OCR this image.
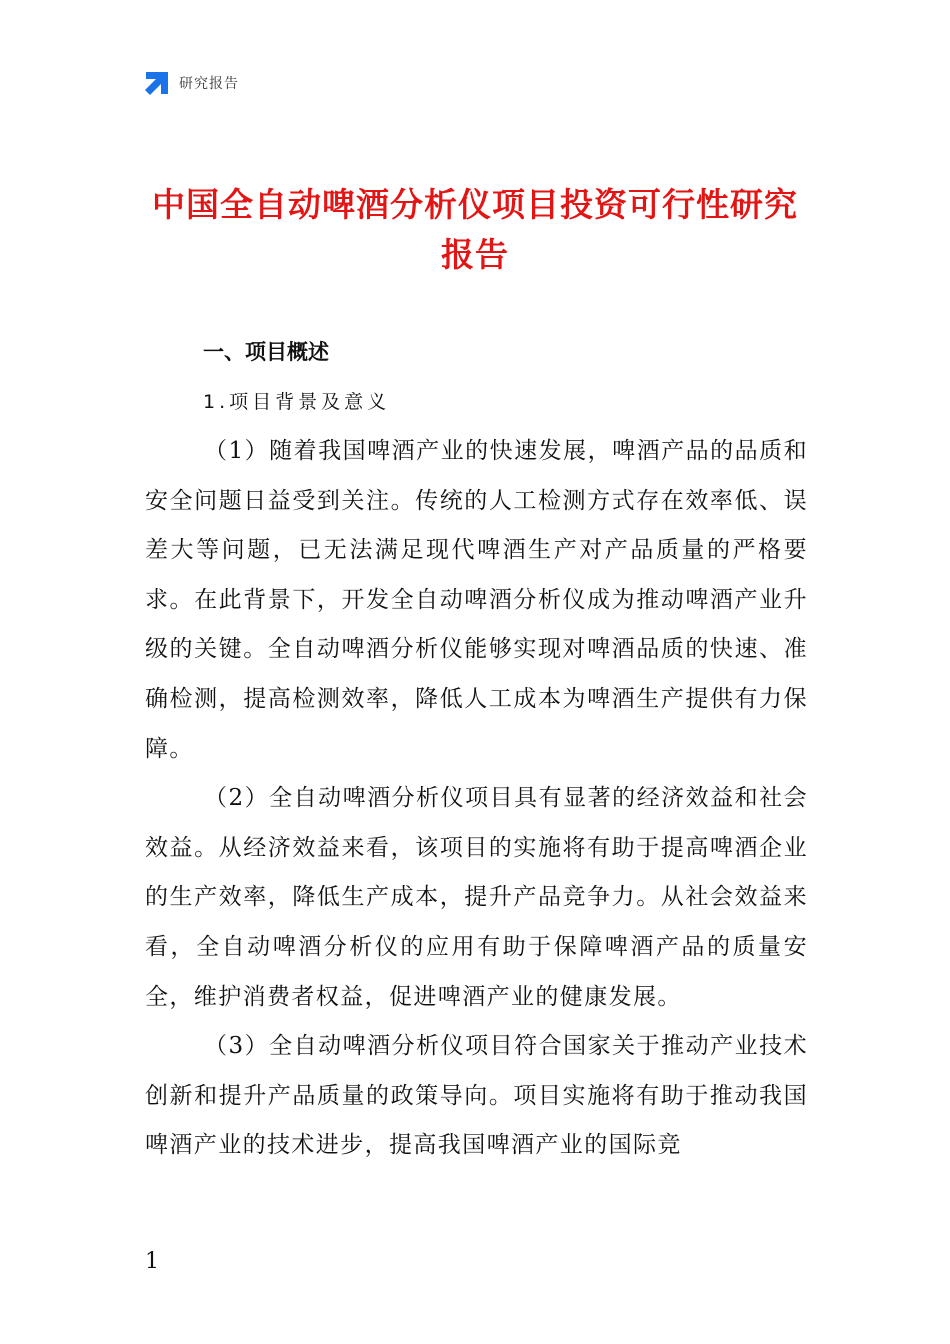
研究报告
中国全自动啤酒分析仪项目投资可行性研究报告
一、项目概述
1.项目背景及意义

（1）随着我国啤酒产业的快速发展，啤酒产品的品质和安全问题日益受到关注。传统的人工检测方式存在效率低、误差大等问题，已无法满足现代啤酒生产对产品质量的严格要求。在此背景下，开发全自动啤酒分析仪成为推动啤酒产业升级的关键。全自动啤酒分析仪能够实现对啤酒品质的快速、准确检测，提高检测效率，降低人工成本为啤酒生产提供有力保障。

（2）全自动啤酒分析仪项目具有显著的经济效益和社会效益。从经济效益来看，该项目的实施将有助于提高啤酒企业的生产效率，降低生产成本，提升产品竞争力。从社会效益来看，全自动啤酒分析仪的应用有助于保障啤酒产品的质量安全，维护消费者权益，促进啤酒产业的健康发展。

（3）全自动啤酒分析仪项目符合国家关于推动产业技术创新和提升产品质量的政策导向。项目实施将有助于推动我国啤酒产业的技术进步，提高我国啤酒产业的国际竞

1
